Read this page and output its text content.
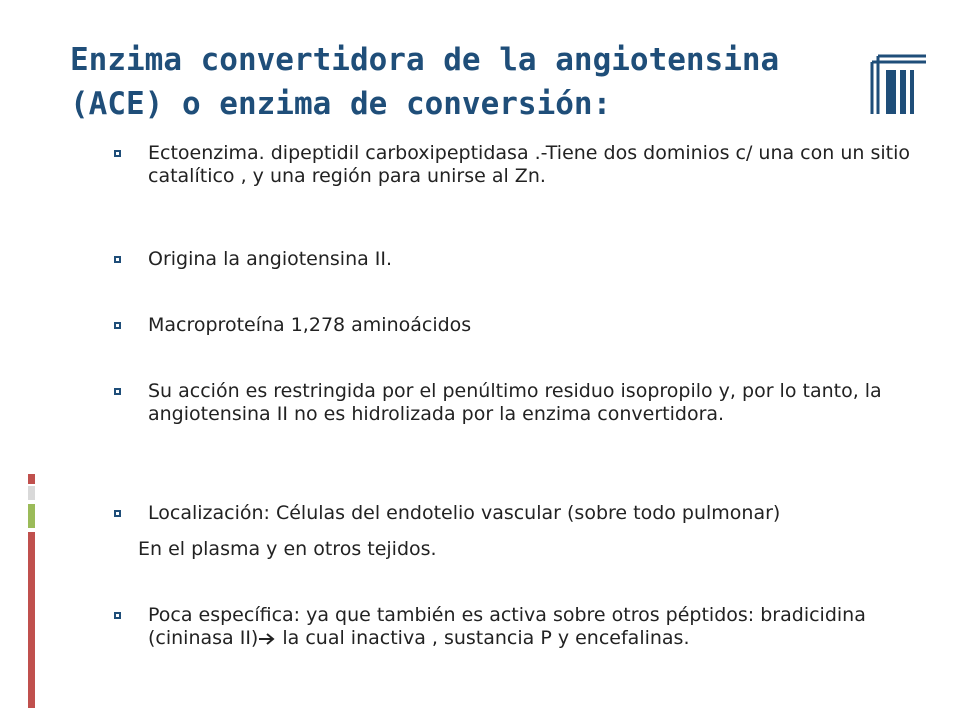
Enzima convertidora de la angiotensina
(ACE) o enzima de conversión:
Ectoenzima. dipeptidil carboxipeptidasa .-Tiene dos dominios c/ una con un sitio catalítico , y una región para unirse al Zn.
Origina la angiotensina II.
Macroproteína 1,278 aminoácidos
Su acción es restringida por el penúltimo residuo isopropilo y, por lo tanto, la angiotensina II no es hidrolizada por la enzima convertidora.
Localización: Células del endotelio vascular (sobre todo pulmonar)
En el plasma y en otros tejidos.
Poca específica: ya que también es activa sobre otros péptidos: bradicidina (cininasa II) la cual inactiva , sustancia P y encefalinas.
